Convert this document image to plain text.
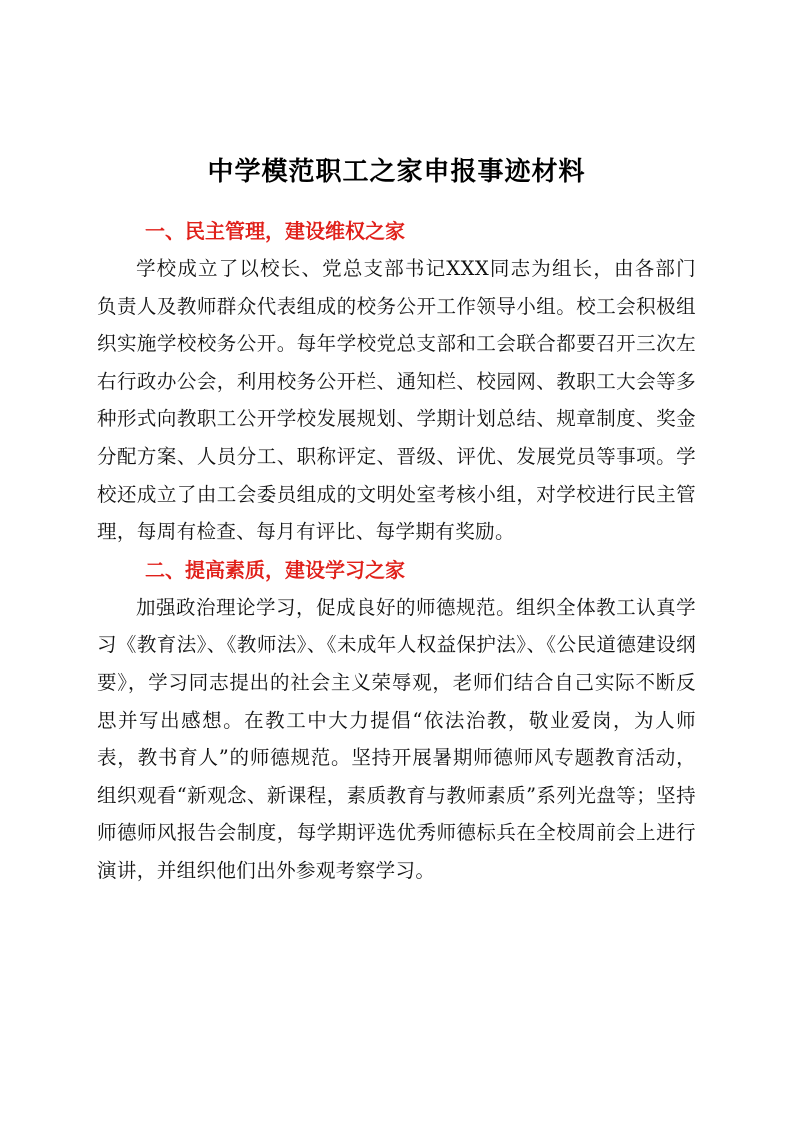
中学模范职工之家申报事迹材料
一、民主管理，建设维权之家

学校成立了以校长、党总支部书记XXX同志为组长，由各部门负责人及教师群众代表组成的校务公开工作领导小组。校工会积极组织实施学校校务公开。每年学校党总支部和工会联合都要召开三次左右行政办公会，利用校务公开栏、通知栏、校园网、教职工大会等多种形式向教职工公开学校发展规划、学期计划总结、规章制度、奖金分配方案、人员分工、职称评定、晋级、评优、发展党员等事项。学校还成立了由工会委员组成的文明处室考核小组，对学校进行民主管理，每周有检查、每月有评比、每学期有奖励。

二、提高素质，建设学习之家

加强政治理论学习，促成良好的师德规范。组织全体教工认真学习《教育法》、《教师法》、《未成年人权益保护法》、《公民道德建设纲要》，学习同志提出的社会主义荣辱观，老师们结合自己实际不断反思并写出感想。在教工中大力提倡“依法治教，敬业爱岗，为人师表，教书育人”的师德规范。坚持开展暑期师德师风专题教育活动，组织观看“新观念、新课程，素质教育与教师素质”系列光盘等；坚持师德师风报告会制度，每学期评选优秀师德标兵在全校周前会上进行演讲，并组织他们出外参观考察学习。
